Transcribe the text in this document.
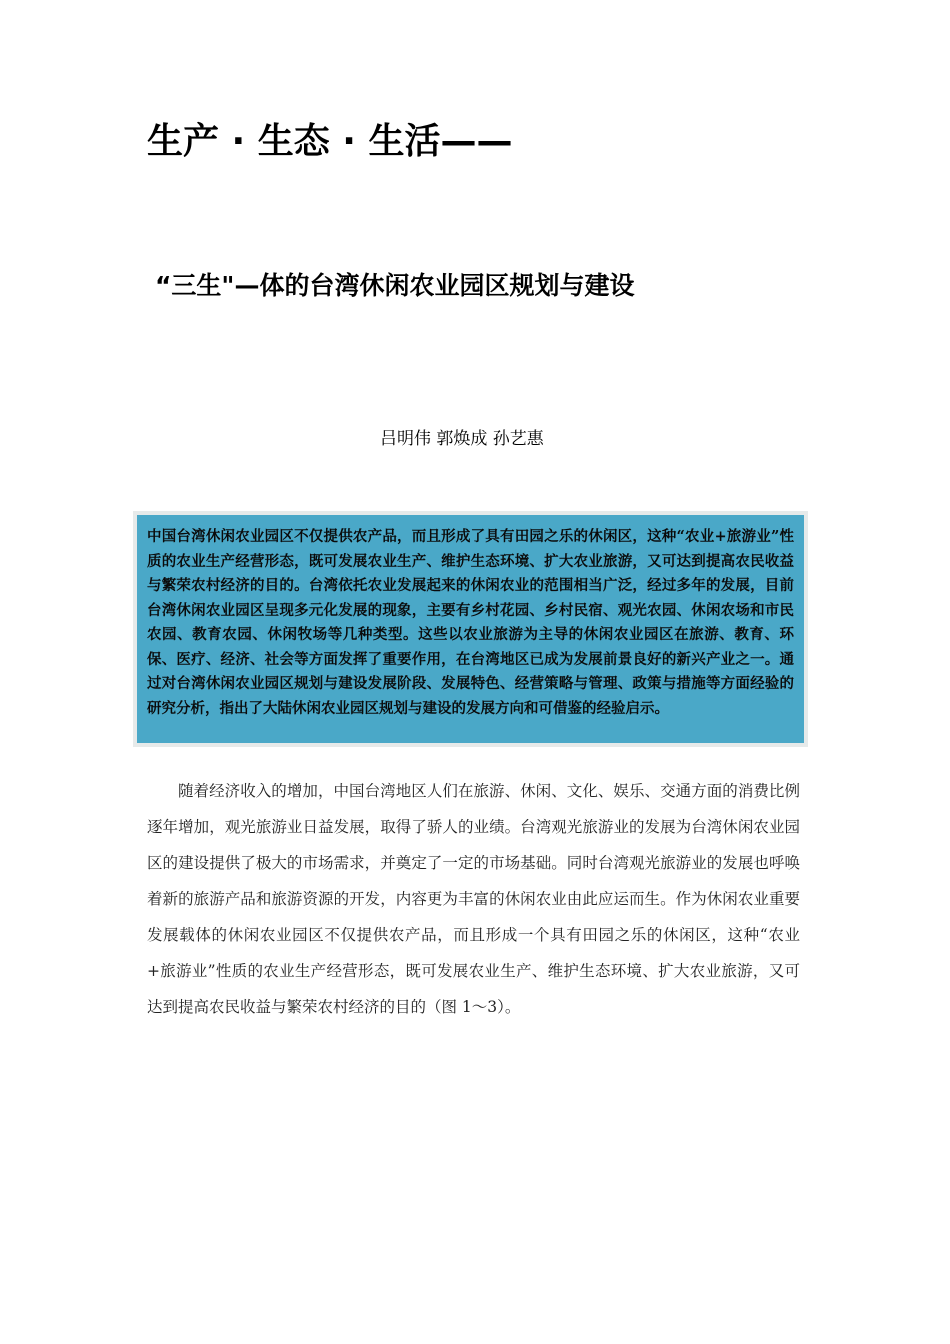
生产 · 生态 · 生活——
“三生"—体的台湾休闲农业园区规划与建设
吕明伟 郭焕成 孙艺惠

中国台湾休闲农业园区不仅提供农产品，而且形成了具有田园之乐的休闲区，这种“农业+旅游业”性质的农业生产经营形态，既可发展农业生产、维护生态环境、扩大农业旅游，又可达到提高农民收益与繁荣农村经济的目的。台湾依托农业发展起来的休闲农业的范围相当广泛，经过多年的发展，目前台湾休闲农业园区呈现多元化发展的现象，主要有乡村花园、乡村民宿、观光农园、休闲农场和市民农园、教育农园、休闲牧场等几种类型。这些以农业旅游为主导的休闲农业园区在旅游、教育、环保、医疗、经济、社会等方面发挥了重要作用，在台湾地区已成为发展前景良好的新兴产业之一。通过对台湾休闲农业园区规划与建设发展阶段、发展特色、经营策略与管理、政策与措施等方面经验的研究分析，指出了大陆休闲农业园区规划与建设的发展方向和可借鉴的经验启示。

随着经济收入的增加，中国台湾地区人们在旅游、休闲、文化、娱乐、交通方面的消费比例逐年增加，观光旅游业日益发展，取得了骄人的业绩。台湾观光旅游业的发展为台湾休闲农业园区的建设提供了极大的市场需求，并奠定了一定的市场基础。同时台湾观光旅游业的发展也呼唤着新的旅游产品和旅游资源的开发，内容更为丰富的休闲农业由此应运而生。作为休闲农业重要发展载体的休闲农业园区不仅提供农产品，而且形成一个具有田园之乐的休闲区，这种“农业+旅游业”性质的农业生产经营形态，既可发展农业生产、维护生态环境、扩大农业旅游，又可达到提高农民收益与繁荣农村经济的目的（图 1～3）。
